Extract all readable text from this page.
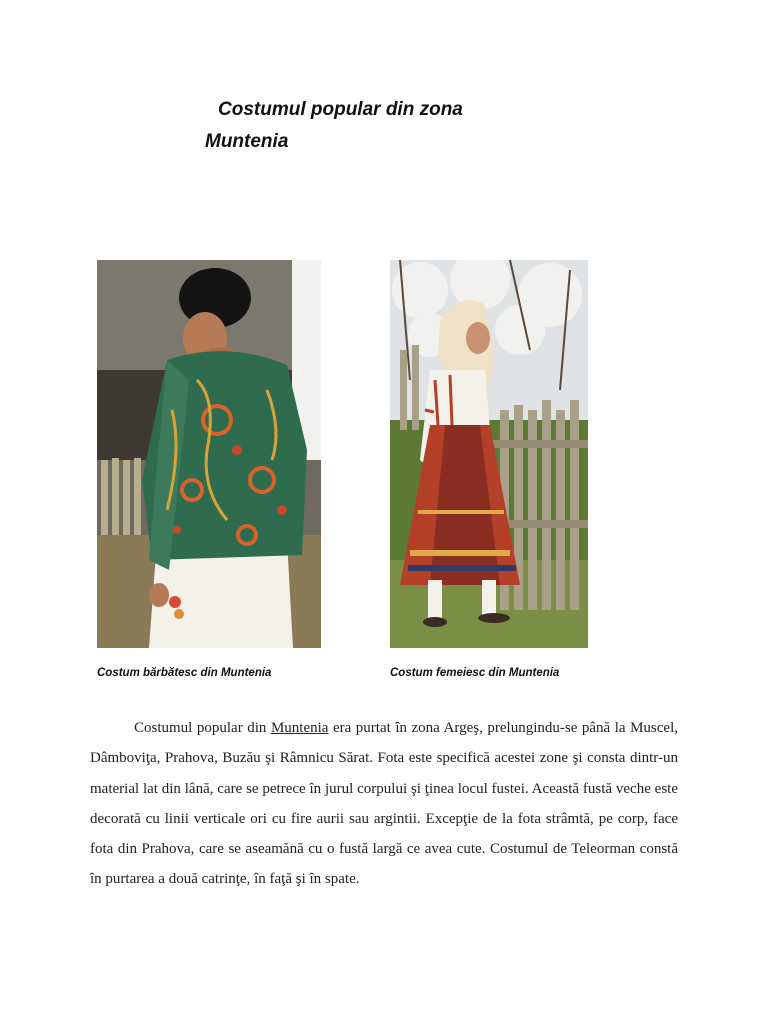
Costumul popular din zona
Muntenia

Costum bărbătesc din Muntenia	Costum femeiesc din Muntenia

Costumul popular din Muntenia era purtat în zona Argeş, prelungindu-se până la Muscel, Dâmboviţa, Prahova, Buzău şi Râmnicu Sărat. Fota este specifică acestei zone şi consta dintr-un material lat din lână, care se petrece în jurul corpului şi ţinea locul fustei. Această fustă veche este decorată cu linii verticale ori cu fire aurii sau argintii. Excepţie de la fota strâmtă, pe corp, face fota din Prahova, care se aseamănă cu o fustă largă ce avea cute. Costumul de Teleorman constă în purtarea a două catrinţe, în faţă şi în spate.
